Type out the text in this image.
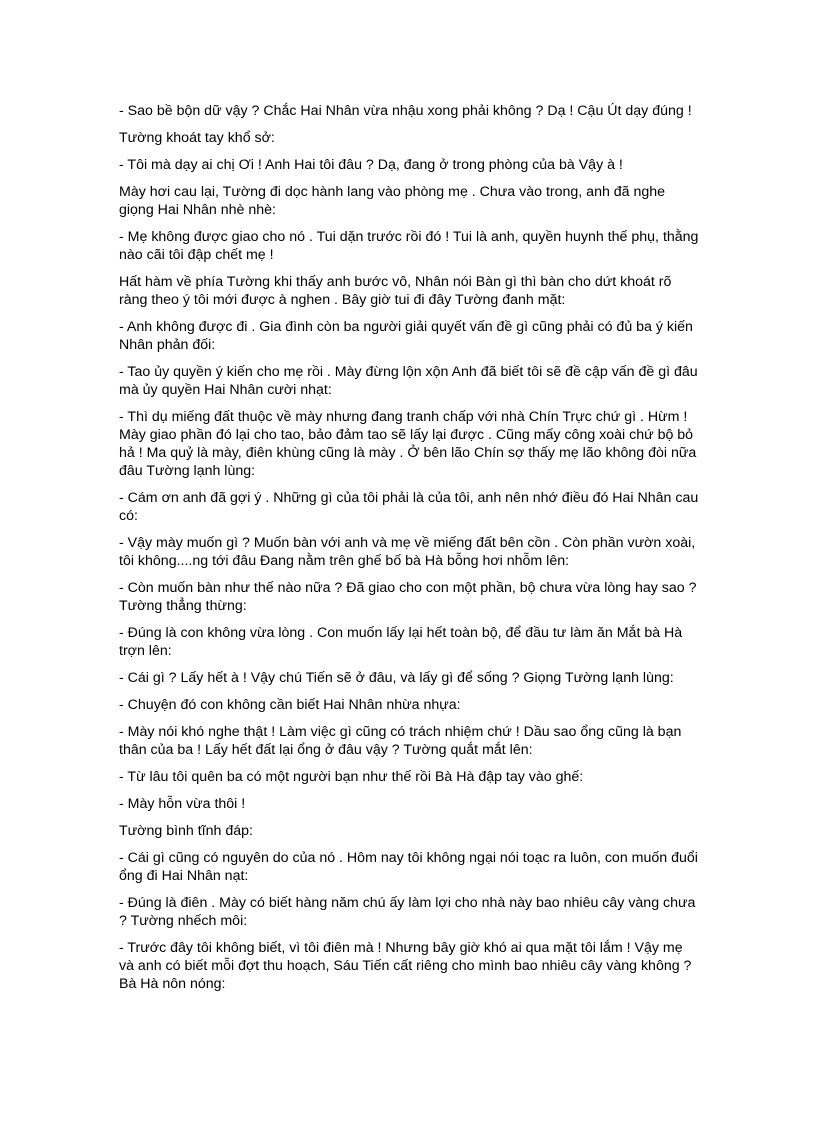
- Sao bề bộn dữ vậy ? Chắc Hai Nhân vừa nhậu xong phải không ? Dạ ! Cậu Út dạy đúng !

Tường khoát tay khổ sở:

- Tôi mà dạy ai chị Ơi ! Anh Hai tôi đâu ? Dạ, đang ở trong phòng của bà Vậy à !

Mày hơi cau lại, Tường đi dọc hành lang vào phòng mẹ . Chưa vào trong, anh đã nghe giọng Hai Nhân nhè nhè:

- Mẹ không được giao cho nó . Tui dặn trước rồi đó ! Tui là anh, quyền huynh thế phụ, thằng nào cãi tôi đập chết mẹ !

Hất hàm về phía Tường khi thấy anh bước vô, Nhân nói Bàn gì thì bàn cho dứt khoát rõ ràng theo ý tôi mới được à nghen . Bây giờ tui đi đây Tường đanh mặt:

- Anh không được đi . Gia đình còn ba người giải quyết vấn đề gì cũng phải có đủ ba ý kiến Nhân phản đối:

- Tao ủy quyền ý kiến cho mẹ rồi . Mày đừng lộn xộn Anh đã biết tôi sẽ đề cập vấn đề gì đâu mà ủy quyền Hai Nhân cười nhạt:

- Thì dụ miếng đất thuộc về mày nhưng đang tranh chấp với nhà Chín Trực chứ gì . Hừm ! Mày giao phần đó lại cho tao, bảo đảm tao sẽ lấy lại được . Cũng mấy công xoài chứ bộ bỏ hả ! Ma quỷ là mày, điên khùng cũng là mày . Ở bên lão Chín sợ thấy mẹ lão không đòi nữa đâu Tường lạnh lùng:

- Cám ơn anh đã gợi ý . Những gì của tôi phải là của tôi, anh nên nhớ điều đó Hai Nhân cau có:

- Vậy mày muốn gì ? Muốn bàn với anh và mẹ về miếng đất bên cồn . Còn phần vườn xoài, tôi không....ng tới đâu Đang nằm trên ghế bố bà Hà bỗng hơi nhỗm lên:

- Còn muốn bàn như thế nào nữa ? Đã giao cho con một phần, bộ chưa vừa lòng hay sao ? Tường thẳng thừng:

- Đúng là con không vừa lòng . Con muốn lấy lại hết toàn bộ, để đầu tư làm ăn Mắt bà Hà trợn lên:

- Cái gì ? Lấy hết à ! Vậy chú Tiến sẽ ở đâu, và lấy gì để sống ? Giọng Tường lạnh lùng:

- Chuyện đó con không cần biết Hai Nhân nhừa nhựa:

- Mày nói khó nghe thật ! Làm việc gì cũng có trách nhiệm chứ ! Dầu sao ổng cũng là bạn thân của ba ! Lấy hết đất lại ổng ở đâu vậy ? Tường quắt mắt lên:

- Từ lâu tôi quên ba có một người bạn như thế rồi Bà Hà đập tay vào ghế:

- Mày hỗn vừa thôi !

Tường bình tĩnh đáp:

- Cái gì cũng có nguyên do của nó . Hôm nay tôi không ngại nói toạc ra luôn, con muốn đuổi ổng đi Hai Nhân nạt:

- Đúng là điên . Mày có biết hàng năm chú ấy làm lợi cho nhà này bao nhiêu cây vàng chưa ? Tường nhếch môi:

- Trước đây tôi không biết, vì tôi điên mà ! Nhưng bây giờ khó ai qua mặt tôi lắm ! Vậy mẹ và anh có biết mỗi đợt thu hoạch, Sáu Tiến cất riêng cho mình bao nhiêu cây vàng không ? Bà Hà nôn nóng:
